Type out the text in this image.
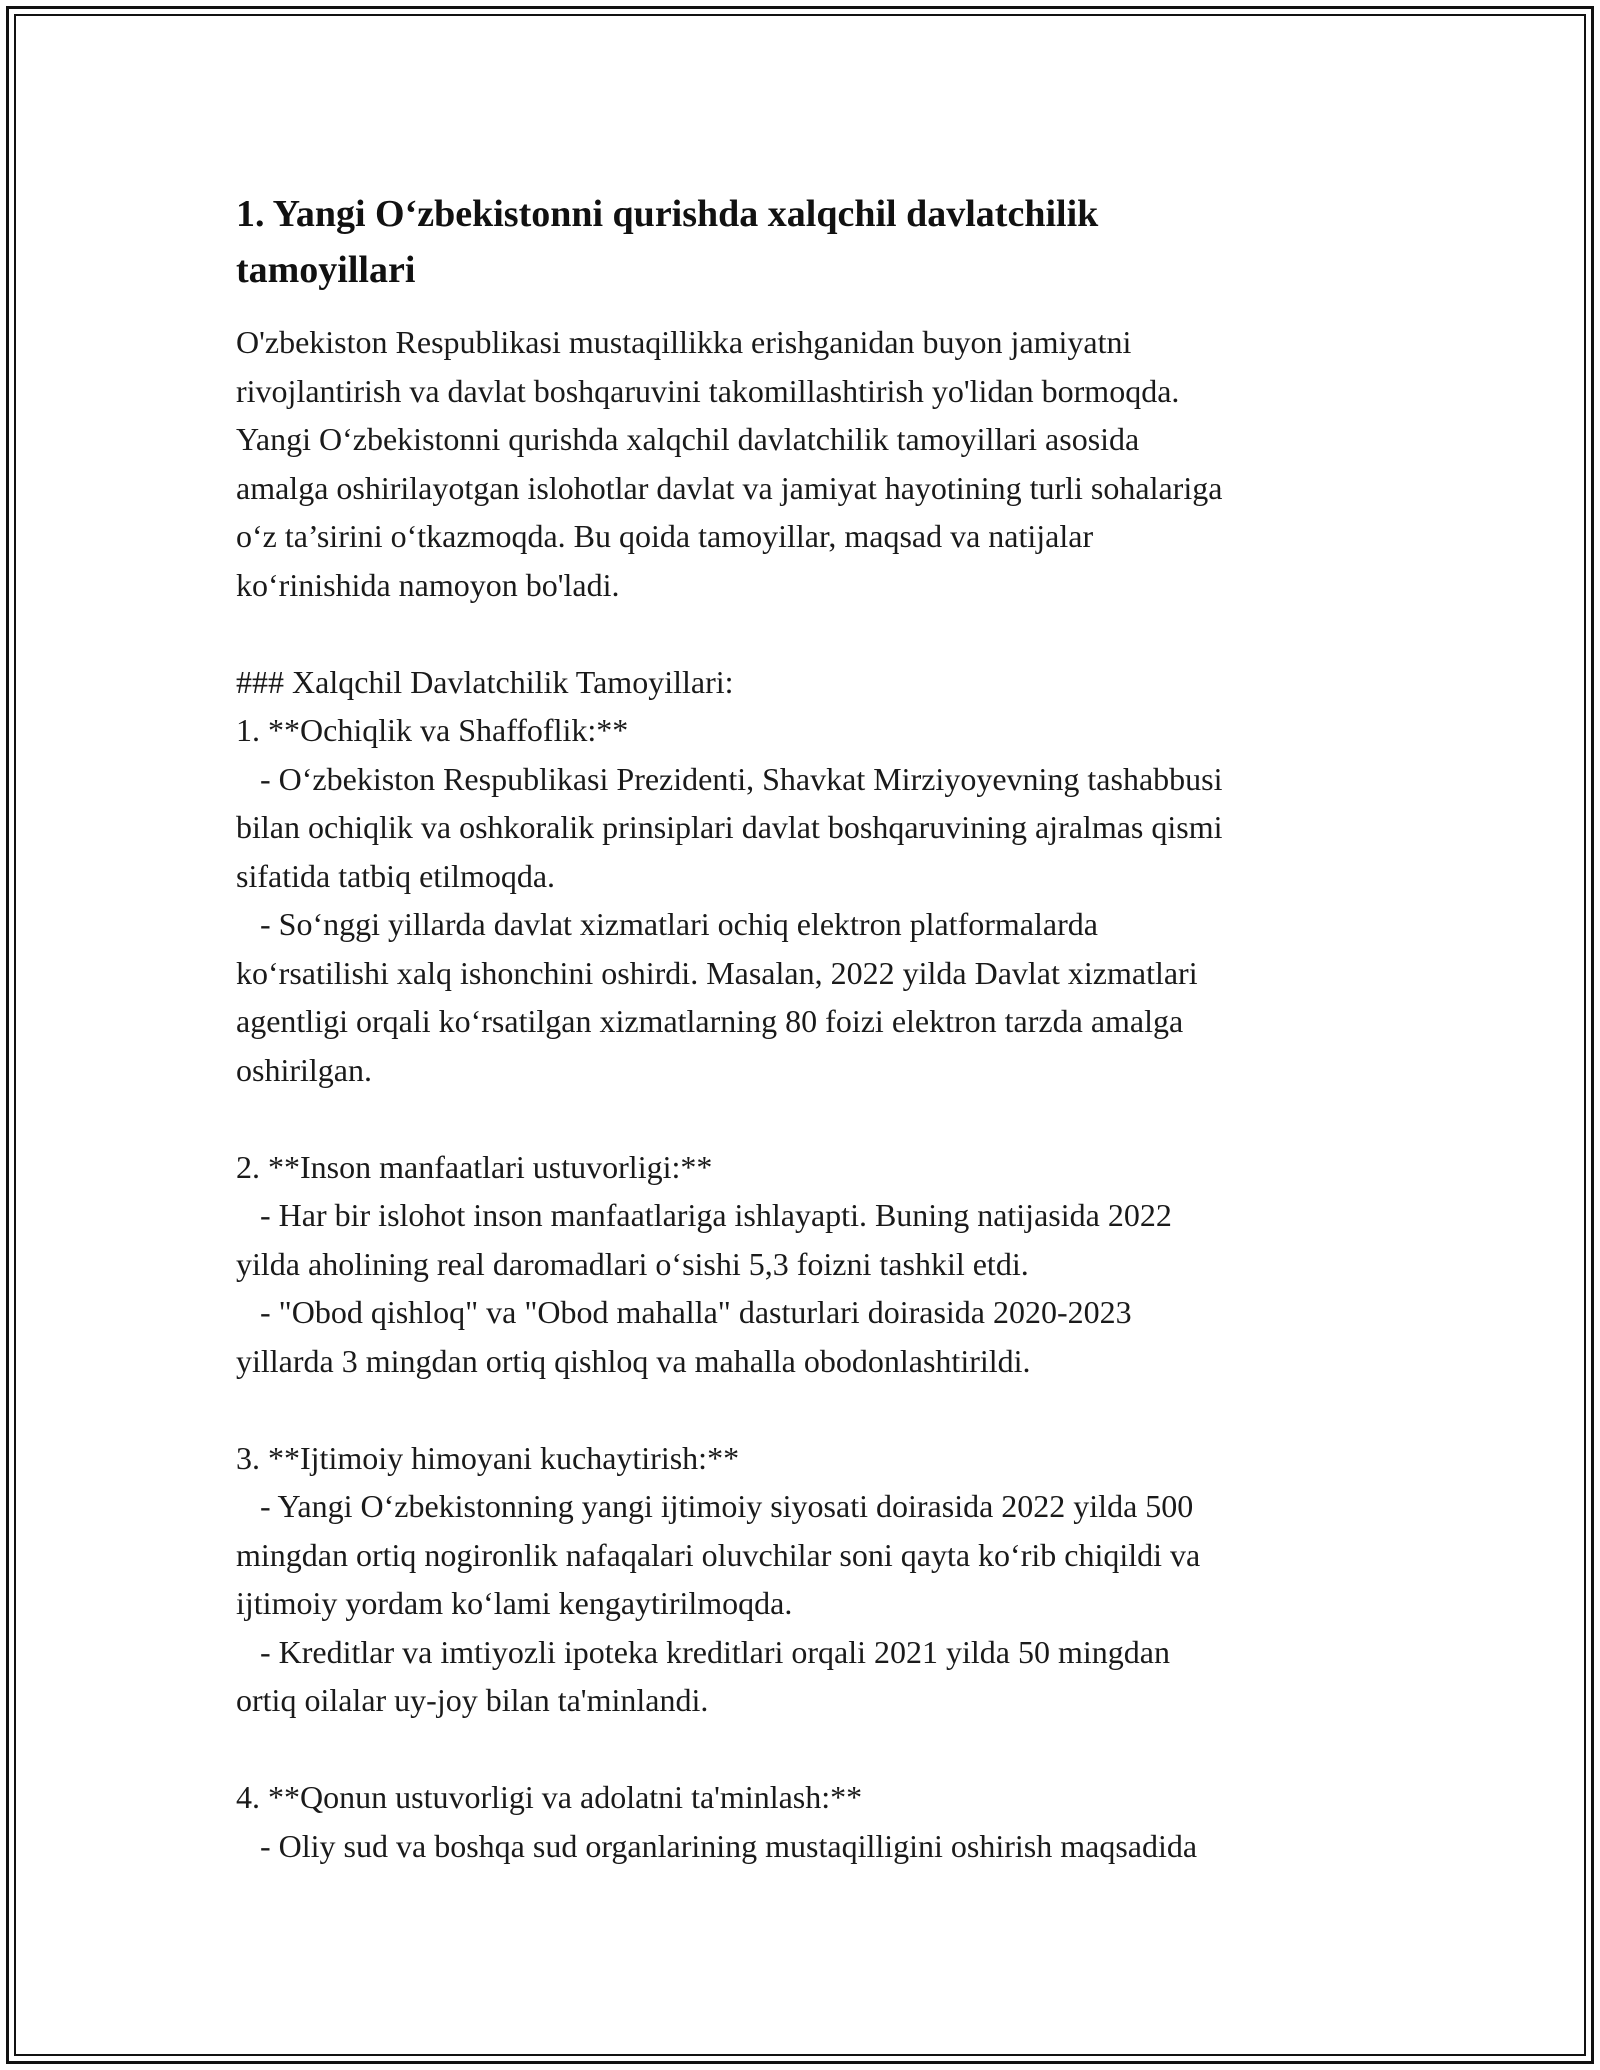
1. Yangi O‘zbekistonni qurishda xalqchil davlatchilik
tamoyillari
O'zbekiston Respublikasi mustaqillikka erishganidan buyon jamiyatni
rivojlantirish va davlat boshqaruvini takomillashtirish yo'lidan bormoqda.
Yangi O‘zbekistonni qurishda xalqchil davlatchilik tamoyillari asosida
amalga oshirilayotgan islohotlar davlat va jamiyat hayotining turli sohalariga
o‘z ta’sirini o‘tkazmoqda. Bu qoida tamoyillar, maqsad va natijalar
ko‘rinishida namoyon bo'ladi.
### Xalqchil Davlatchilik Tamoyillari:
1. **Ochiqlik va Shaffoflik:**
- O‘zbekiston Respublikasi Prezidenti, Shavkat Mirziyoyevning tashabbusi
bilan ochiqlik va oshkoralik prinsiplari davlat boshqaruvining ajralmas qismi
sifatida tatbiq etilmoqda.
- So‘nggi yillarda davlat xizmatlari ochiq elektron platformalarda
ko‘rsatilishi xalq ishonchini oshirdi. Masalan, 2022 yilda Davlat xizmatlari
agentligi orqali ko‘rsatilgan xizmatlarning 80 foizi elektron tarzda amalga
oshirilgan.
2. **Inson manfaatlari ustuvorligi:**
- Har bir islohot inson manfaatlariga ishlayapti. Buning natijasida 2022
yilda aholining real daromadlari o‘sishi 5,3 foizni tashkil etdi.
- "Obod qishloq" va "Obod mahalla" dasturlari doirasida 2020-2023
yillarda 3 mingdan ortiq qishloq va mahalla obodonlashtirildi.
3. **Ijtimoiy himoyani kuchaytirish:**
- Yangi O‘zbekistonning yangi ijtimoiy siyosati doirasida 2022 yilda 500
mingdan ortiq nogironlik nafaqalari oluvchilar soni qayta ko‘rib chiqildi va
ijtimoiy yordam ko‘lami kengaytirilmoqda.
- Kreditlar va imtiyozli ipoteka kreditlari orqali 2021 yilda 50 mingdan
ortiq oilalar uy-joy bilan ta'minlandi.
4. **Qonun ustuvorligi va adolatni ta'minlash:**
- Oliy sud va boshqa sud organlarining mustaqilligini oshirish maqsadida
